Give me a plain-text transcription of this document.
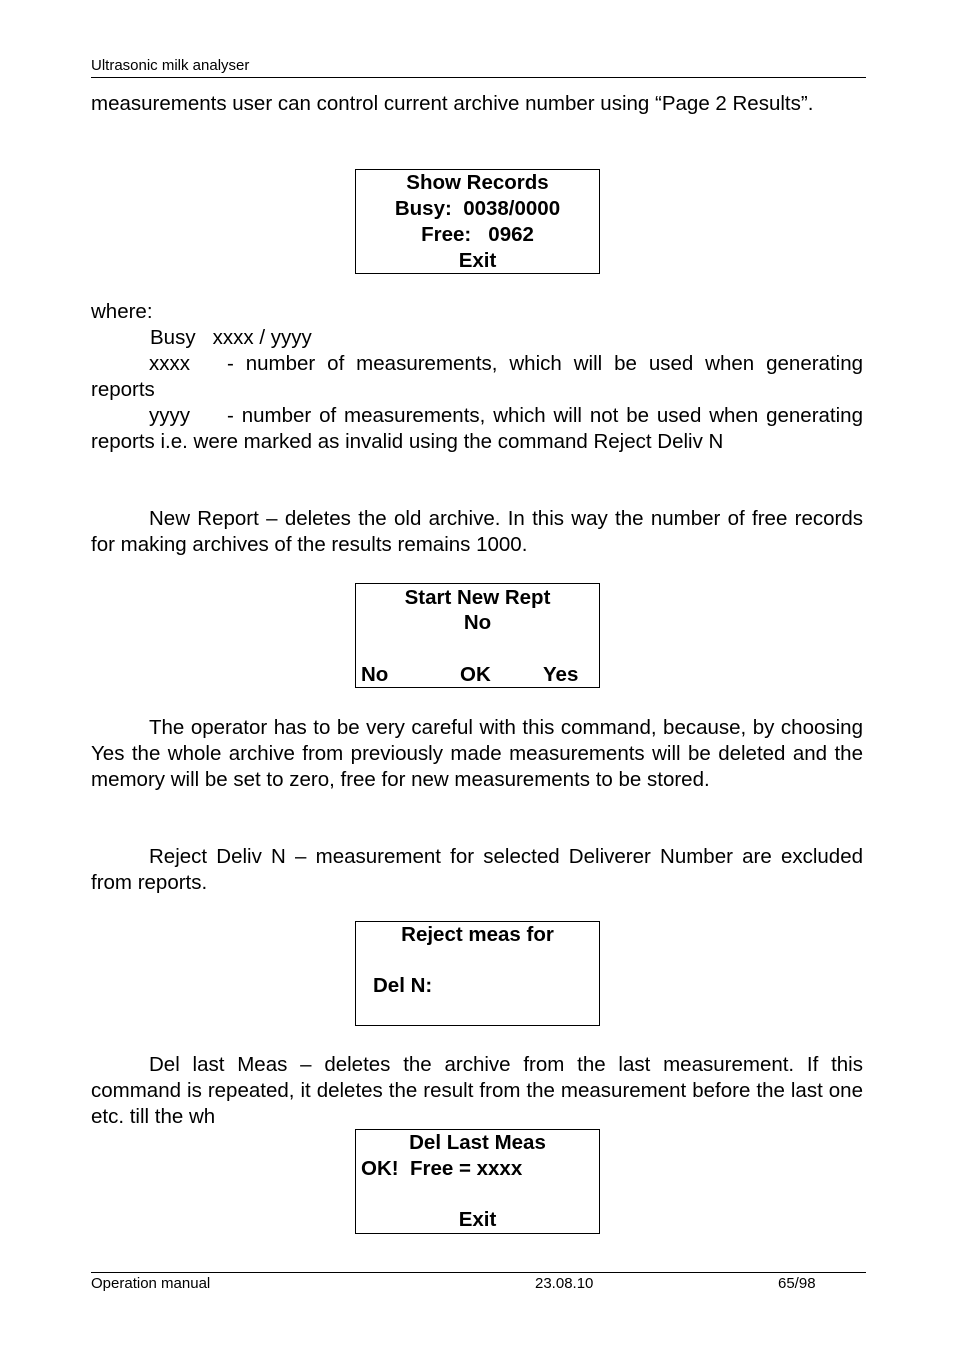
Ultrasonic milk analyser
measurements user can control current archive number using “Page 2 Results”.
Show Records
Busy:  0038/0000
Free:   0962
Exit
where:
Busy   xxxx / yyyy
xxxx - number of measurements, which will be used when generating reports
yyyy - number of measurements, which will not be used when generating reports i.e. were marked as invalid using the command Reject Deliv N
New Report – deletes the old archive. In this way the number of free records for making archives of the results remains 1000.
Start New Rept
No
No	OK	Yes
The operator has to be very careful with this command, because, by choosing Yes the whole archive from previously made measurements will be deleted and the memory will be set to zero, free for new measurements to be stored.
Reject Deliv N – measurement for selected Deliverer Number are excluded from reports.
Reject meas for
Del N:
Del last Meas – deletes the archive from the last measurement. If this command is repeated, it deletes the result from the measurement before the last one etc. till the wh
Del Last Meas
OK!  Free = xxxx
Exit
Operation manual	23.08.10	65/98
